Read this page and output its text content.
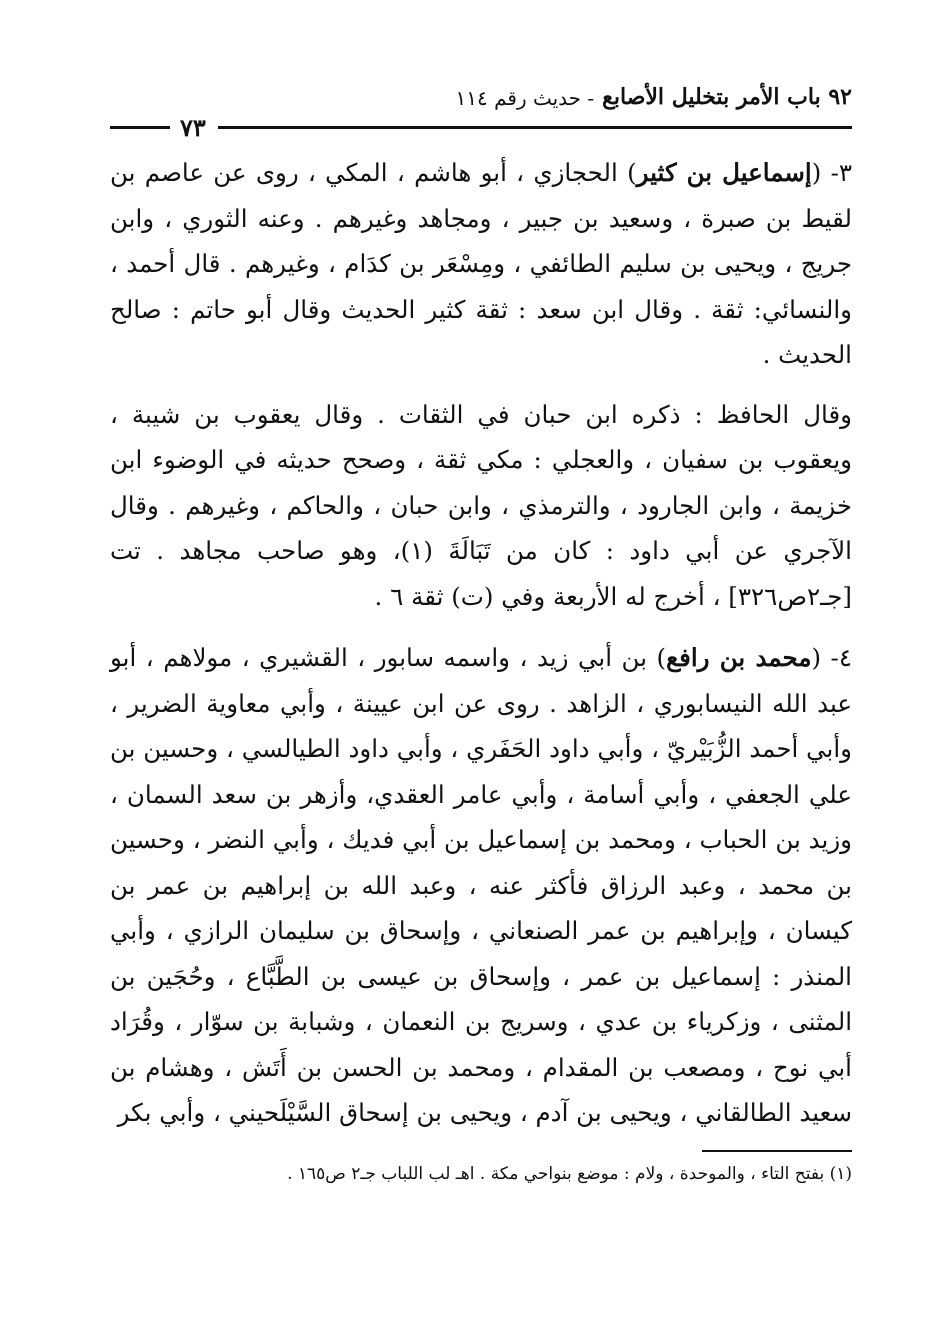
٩٢ باب الأمر بتخليل الأصابع
- حديث رقم ١١٤
٧٣

٣- (إسماعيل بن كثير) الحجازي ، أبو هاشم ، المكي ، روى عن عاصم بن لقيط بن صبرة ، وسعيد بن جبير ، ومجاهد وغيرهم . وعنه الثوري ، وابن جريج ، ويحيى بن سليم الطائفي ، ومِسْعَر بن كدَام ، وغيرهم . قال أحمد ، والنسائي: ثقة . وقال ابن سعد : ثقة كثير الحديث وقال أبو حاتم : صالح الحديث .

وقال الحافظ : ذكره ابن حبان في الثقات . وقال يعقوب بن شيبة ، ويعقوب بن سفيان ، والعجلي : مكي ثقة ، وصحح حديثه في الوضوء ابن خزيمة ، وابن الجارود ، والترمذي ، وابن حبان ، والحاكم ، وغيرهم . وقال الآجري عن أبي داود : كان من تَبَالَةَ (١)، وهو صاحب مجاهد . تت [جـ٢ص٣٢٦] ، أخرج له الأربعة وفي (ت) ثقة ٦ .

٤- (محمد بن رافع) بن أبي زيد ، واسمه سابور ، القشيري ، مولاهم ، أبو عبد الله النيسابوري ، الزاهد . روى عن ابن عيينة ، وأبي معاوية الضرير ، وأبي أحمد الزُّبَيْريّ ، وأبي داود الحَفَري ، وأبي داود الطيالسي ، وحسين بن علي الجعفي ، وأبي أسامة ، وأبي عامر العقدي، وأزهر بن سعد السمان ، وزيد بن الحباب ، ومحمد بن إسماعيل بن أبي فديك ، وأبي النضر ، وحسين بن محمد ، وعبد الرزاق فأكثر عنه ، وعبد الله بن إبراهيم بن عمر بن كيسان ، وإبراهيم بن عمر الصنعاني ، وإسحاق بن سليمان الرازي ، وأبي المنذر : إسماعيل بن عمر ، وإسحاق بن عيسى بن الطَّبَّاع ، وحُجَين بن المثنى ، وزكرياء بن عدي ، وسريج بن النعمان ، وشبابة بن سوّار ، وقُرَاد أبي نوح ، ومصعب بن المقدام ، ومحمد بن الحسن بن أَتَش ، وهشام بن سعيد الطالقاني ، ويحيى بن آدم ، ويحيى بن إسحاق السَّيْلَحيني ، وأبي بكر

(١) بفتح التاء ، والموحدة ، ولام : موضع بنواحي مكة . اهـ لب اللباب جـ٢ ص١٦٥ .
